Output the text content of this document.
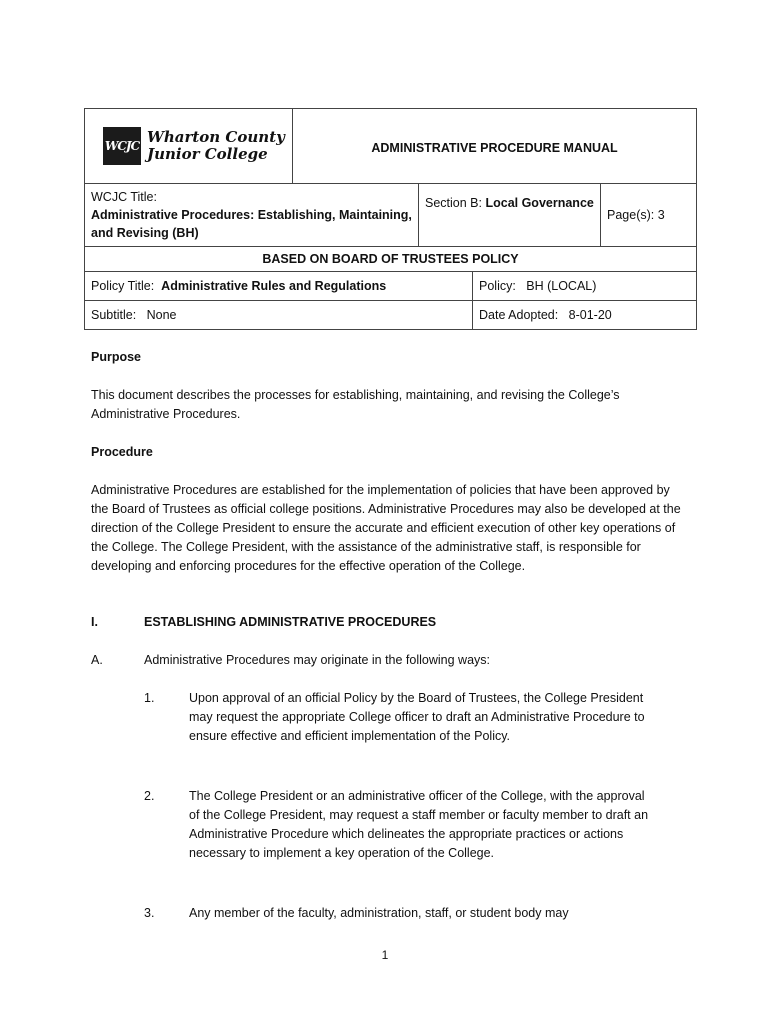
WCJC Wharton County
Junior College	ADMINISTRATIVE PROCEDURE MANUAL			

WCJC Title:
Administrative Procedures: Establishing, Maintaining, and Revising (BH)		Section B: Local Governance		Page(s): 3
BASED ON BOARD OF TRUSTEES POLICY				
Policy Title: Administrative Rules and Regulations			Policy: BH (LOCAL)	
Subtitle: None			Date Adopted: 8-01-20	
Purpose
This document describes the processes for establishing, maintaining, and revising the College’s Administrative Procedures.
Procedure
Administrative Procedures are established for the implementation of policies that have been approved by the Board of Trustees as official college positions. Administrative Procedures may also be developed at the direction of the College President to ensure the accurate and efficient execution of other key operations of the College. The College President, with the assistance of the administrative staff, is responsible for developing and enforcing procedures for the effective operation of the College.
I.	ESTABLISHING ADMINISTRATIVE PROCEDURES
A.	Administrative Procedures may originate in the following ways:
1.	Upon approval of an official Policy by the Board of Trustees, the College President may request the appropriate College officer to draft an Administrative Procedure to ensure effective and efficient implementation of the Policy.
2.	The College President or an administrative officer of the College, with the approval of the College President, may request a staff member or faculty member to draft an Administrative Procedure which delineates the appropriate practices or actions necessary to implement a key operation of the College.
3.	Any member of the faculty, administration, staff, or student body may
1
